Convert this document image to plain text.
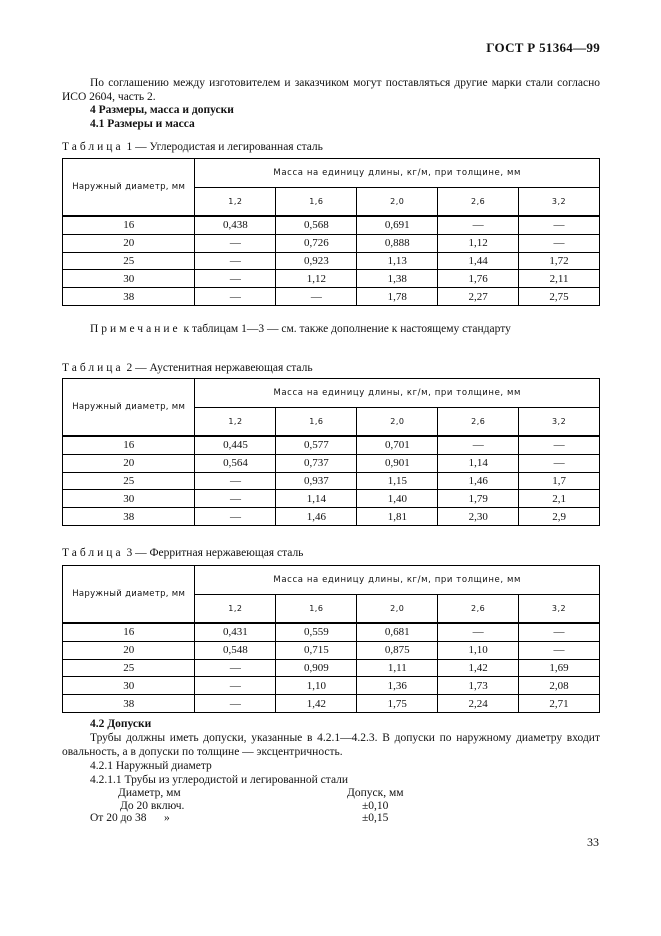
ГОСТ Р 51364—99
По соглашению между изготовителем и заказчиком могут поставляться другие марки стали согласно ИСО 2604, часть 2.
4 Размеры, масса и допуски
4.1 Размеры и масса
Таблица 1 — Углеродистая и легированная сталь
Наружный диаметр, мм	Масса на единицу длины, кг/м, при толщине, мм				
	1,2	1,6	2,0	2,6	3,2
16	0,438	0,568	0,691	—	—
20	—	0,726	0,888	1,12	—
25	—	0,923	1,13	1,44	1,72
30	—	1,12	1,38	1,76	2,11
38	—	—	1,78	2,27	2,75
Примечание к таблицам 1—3 — см. также дополнение к настоящему стандарту
Таблица 2 — Аустенитная нержавеющая сталь
Наружный диаметр, мм	Масса на единицу длины, кг/м, при толщине, мм				
	1,2	1,6	2,0	2,6	3,2
16	0,445	0,577	0,701	—	—
20	0,564	0,737	0,901	1,14	—
25	—	0,937	1,15	1,46	1,7
30	—	1,14	1,40	1,79	2,1
38	—	1,46	1,81	2,30	2,9
Таблица 3 — Ферритная нержавеющая сталь
Наружный диаметр, мм	Масса на единицу длины, кг/м, при толщине, мм				
	1,2	1,6	2,0	2,6	3,2
16	0,431	0,559	0,681	—	—
20	0,548	0,715	0,875	1,10	—
25	—	0,909	1,11	1,42	1,69
30	—	1,10	1,36	1,73	2,08
38	—	1,42	1,75	2,24	2,71
4.2 Допуски
Трубы должны иметь допуски, указанные в 4.2.1—4.2.3. В допуски по наружному диаметру входит овальность, а в допуски по толщине — эксцентричность.
4.2.1 Наружный диаметр
4.2.1.1 Трубы из углеродистой и легированной стали
Диаметр, мм	Допуск, мм
До 20 включ.	±0,10
От 20 до 38 »	±0,15
33
